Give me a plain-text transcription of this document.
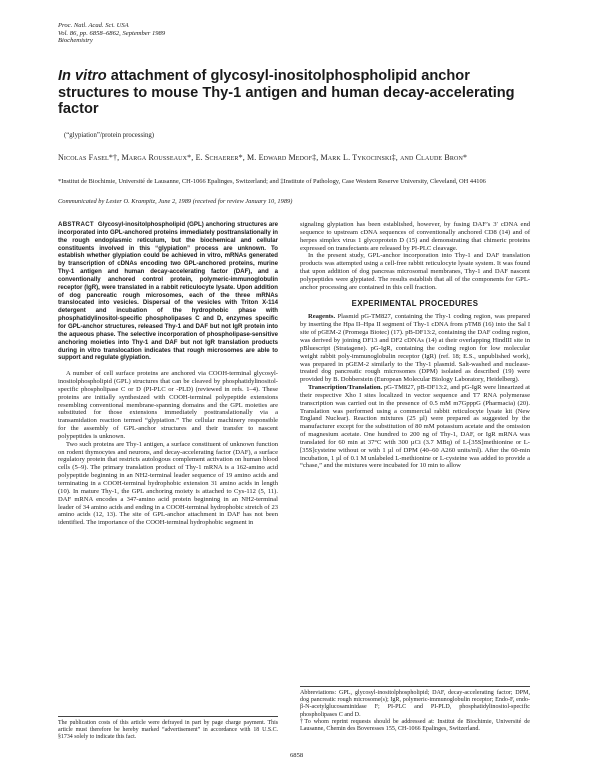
Proc. Natl. Acad. Sci. USA
Vol. 86, pp. 6858–6862, September 1989
Biochemistry
In vitro attachment of glycosyl-inositolphospholipid anchor structures to mouse Thy-1 antigen and human decay-accelerating factor
(“glypiation”/protein processing)
Nicolas Fasel*†, Marga Rousseaux*, E. Schaerer*, M. Edward Medof‡, Mark L. Tykocinski‡, and Claude Bron*
*Institut de Biochimie, Université de Lausanne, CH-1066 Epalinges, Switzerland; and ‡Institute of Pathology, Case Western Reserve University, Cleveland, OH 44106
Communicated by Lester O. Krampitz, June 2, 1989 (received for review January 10, 1989)

ABSTRACT Glycosyl-inositolphospholipid (GPL) anchoring structures are incorporated into GPL-anchored proteins immediately posttranslationally in the rough endoplasmic reticulum, but the biochemical and cellular constituents involved in this “glypiation” process are unknown. To establish whether glypiation could be achieved in vitro, mRNAs generated by transcription of cDNAs encoding two GPL-anchored proteins, murine Thy-1 antigen and human decay-accelerating factor (DAF), and a conventionally anchored control protein, polymeric-immunoglobulin receptor (IgR), were translated in a rabbit reticulocyte lysate. Upon addition of dog pancreatic rough microsomes, each of the three mRNAs translocated into vesicles. Dispersal of the vesicles with Triton X-114 detergent and incubation of the hydrophobic phase with phosphatidylinositol-specific phospholipases C and D, enzymes specific for GPL-anchor structures, released Thy-1 and DAF but not IgR protein into the aqueous phase. The selective incorporation of phospholipase-sensitive anchoring moieties into Thy-1 and DAF but not IgR translation products during in vitro translocation indicates that rough microsomes are able to support and regulate glypiation.

A number of cell surface proteins are anchored via COOH-terminal glycosyl-inositolphospholipid (GPL) structures that can be cleaved by phosphatidylinositol-specific phospholipase C or D (PI-PLC or -PLD) (reviewed in refs. 1–4). These proteins are initially synthesized with COOH-terminal polypeptide extensions resembling conventional membrane-spanning domains and the GPL moieties are substituted for those extensions immediately posttranslationally via a transamidation reaction termed “glypiation.” The cellular machinery responsible for the assembly of GPL-anchor structures and their transfer to nascent polypeptides is unknown.

Two such proteins are Thy-1 antigen, a surface constituent of unknown function on rodent thymocytes and neurons, and decay-accelerating factor (DAF), a surface regulatory protein that restricts autologous complement activation on human blood cells (5–9). The primary translation product of Thy-1 mRNA is a 162-amino acid polypeptide beginning in an NH2-terminal leader sequence of 19 amino acids and terminating in a COOH-terminal hydrophobic extension 31 amino acids in length (10). In mature Thy-1, the GPL anchoring moiety is attached to Cys-112 (5, 11). DAF mRNA encodes a 347-amino acid protein beginning in an NH2-terminal leader of 34 amino acids and ending in a COOH-terminal hydrophobic stretch of 23 amino acids (12, 13). The site of GPL-anchor attachment in DAF has not been identified. The importance of the COOH-terminal hydrophobic segment in

signaling glypiation has been established, however, by fusing DAF’s 3′ cDNA end sequence to upstream cDNA sequences of conventionally anchored CD8 (14) and of herpes simplex virus 1 glycoprotein D (15) and demonstrating that chimeric proteins expressed on transfectants are released by PI-PLC cleavage.

In the present study, GPL-anchor incorporation into Thy-1 and DAF translation products was attempted using a cell-free rabbit reticulocyte lysate system. It was found that upon addition of dog pancreas microsomal membranes, Thy-1 and DAF nascent polypeptides were glypiated. The results establish that all of the components for GPL-anchor processing are contained in this cell fraction.

EXPERIMENTAL PROCEDURES

Reagents. Plasmid pG-TM827, containing the Thy-1 coding region, was prepared by inserting the Hpa II–Hpa II segment of Thy-1 cDNA from pTM8 (16) into the Sal I site of pGEM-2 (Promega Biotec) (17). pB-DF13:2, containing the DAF coding region, was derived by joining DF13 and DF2 cDNAs (14) at their overlapping HindIII site in pBluescript (Stratagene). pG-IgR, containing the coding region for low molecular weight rabbit poly-immunoglobulin receptor (IgR) (ref. 18; E.S., unpublished work), was prepared in pGEM-2 similarly to the Thy-1 plasmid. Salt-washed and nuclease-treated dog pancreatic rough microsomes (DPM) isolated as described (19) were provided by B. Dobberstein (European Molecular Biology Laboratory, Heidelberg).

Transcription/Translation. pG-TM827, pB-DF13:2, and pG-IgR were linearized at their respective Xho I sites localized in vector sequence and T7 RNA polymerase transcription was carried out in the presence of 0.5 mM m7GpppG (Pharmacia) (20). Translation was performed using a commercial rabbit reticulocyte lysate kit (New England Nuclear). Reaction mixtures (25 µl) were prepared as suggested by the manufacturer except for the substitution of 80 mM potassium acetate and the omission of magnesium acetate. One hundred to 200 ng of Thy-1, DAF, or IgR mRNA was translated for 60 min at 37°C with 300 µCi (3.7 MBq) of L-[35S]methionine or L-[35S]cysteine without or with 1 µl of DPM (40–60 A260 units/ml). After the 60-min incubation, 1 µl of 0.1 M unlabeled L-methionine or L-cysteine was added to provide a “chase,” and the mixtures were incubated for 10 min to allow

The publication costs of this article were defrayed in part by page charge payment. This article must therefore be hereby marked “advertisement” in accordance with 18 U.S.C. §1734 solely to indicate this fact.
Abbreviations: GPL, glycosyl-inositolphospholipid; DAF, decay-accelerating factor; DPM, dog pancreatic rough microsome(s); IgR, polymeric-immunoglobulin receptor; Endo-F, endo-β-N-acetylglucosaminidase F; PI-PLC and PI-PLD, phosphatidylinositol-specific phospholipases C and D.
†To whom reprint requests should be addressed at: Institut de Biochimie, Université de Lausanne, Chemin des Boveresses 155, CH-1066 Epalinges, Switzerland.
6858
